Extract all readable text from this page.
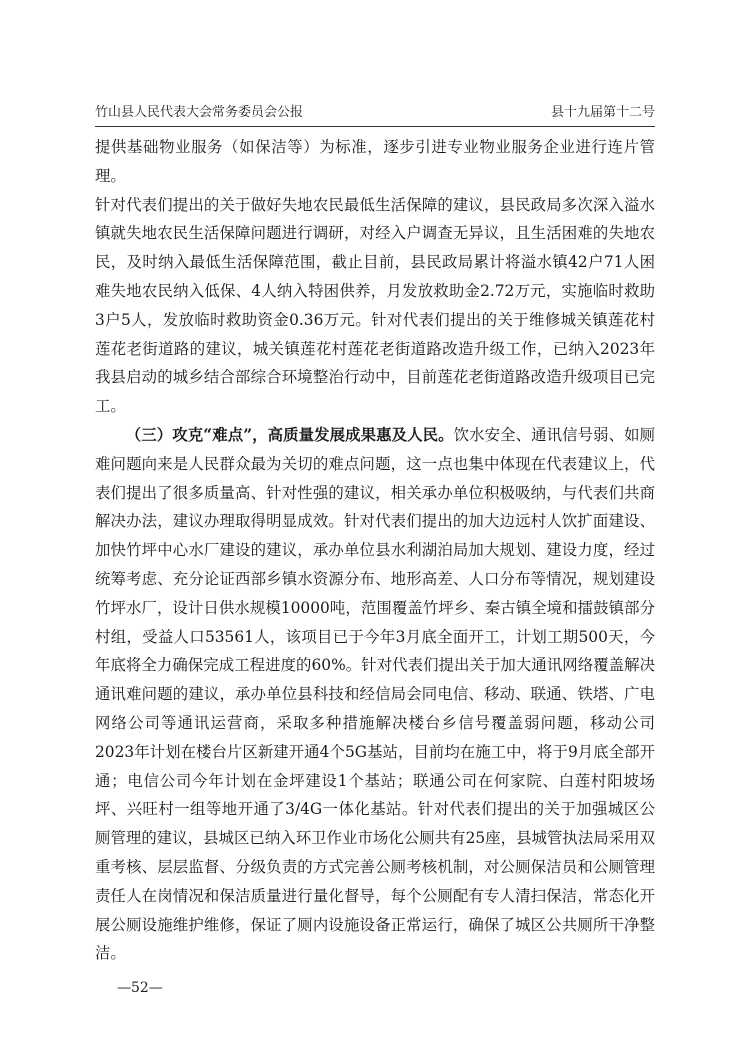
竹山县人民代表大会常务委员会公报	县十九届第十二号

提供基础物业服务（如保洁等）为标准，逐步引进专业物业服务企业进行连片管理。

针对代表们提出的关于做好失地农民最低生活保障的建议，县民政局多次深入溢水镇就失地农民生活保障问题进行调研，对经入户调查无异议，且生活困难的失地农民，及时纳入最低生活保障范围，截止目前，县民政局累计将溢水镇42户71人困难失地农民纳入低保、4人纳入特困供养，月发放救助金2.72万元，实施临时救助3户5人，发放临时救助资金0.36万元。针对代表们提出的关于维修城关镇莲花村莲花老街道路的建议，城关镇莲花村莲花老街道路改造升级工作，已纳入2023年我县启动的城乡结合部综合环境整治行动中，目前莲花老街道路改造升级项目已完工。

（三）攻克“难点”，高质量发展成果惠及人民。饮水安全、通讯信号弱、如厕难问题向来是人民群众最为关切的难点问题，这一点也集中体现在代表建议上，代表们提出了很多质量高、针对性强的建议，相关承办单位积极吸纳，与代表们共商解决办法，建议办理取得明显成效。针对代表们提出的加大边远村人饮扩面建设、加快竹坪中心水厂建设的建议，承办单位县水利湖泊局加大规划、建设力度，经过统筹考虑、充分论证西部乡镇水资源分布、地形高差、人口分布等情况，规划建设竹坪水厂，设计日供水规模10000吨，范围覆盖竹坪乡、秦古镇全境和擂鼓镇部分村组，受益人口53561人，该项目已于今年3月底全面开工，计划工期500天，今年底将全力确保完成工程进度的60%。针对代表们提出关于加大通讯网络覆盖解决通讯难问题的建议，承办单位县科技和经信局会同电信、移动、联通、铁塔、广电网络公司等通讯运营商，采取多种措施解决楼台乡信号覆盖弱问题，移动公司2023年计划在楼台片区新建开通4个5G基站，目前均在施工中，将于9月底全部开通；电信公司今年计划在金坪建设1个基站；联通公司在何家院、白莲村阳坡场坪、兴旺村一组等地开通了3/4G一体化基站。针对代表们提出的关于加强城区公厕管理的建议，县城区已纳入环卫作业市场化公厕共有25座，县城管执法局采用双重考核、层层监督、分级负责的方式完善公厕考核机制，对公厕保洁员和公厕管理责任人在岗情况和保洁质量进行量化督导，每个公厕配有专人清扫保洁，常态化开展公厕设施维护维修，保证了厕内设施设备正常运行，确保了城区公共厕所干净整洁。

—52—
